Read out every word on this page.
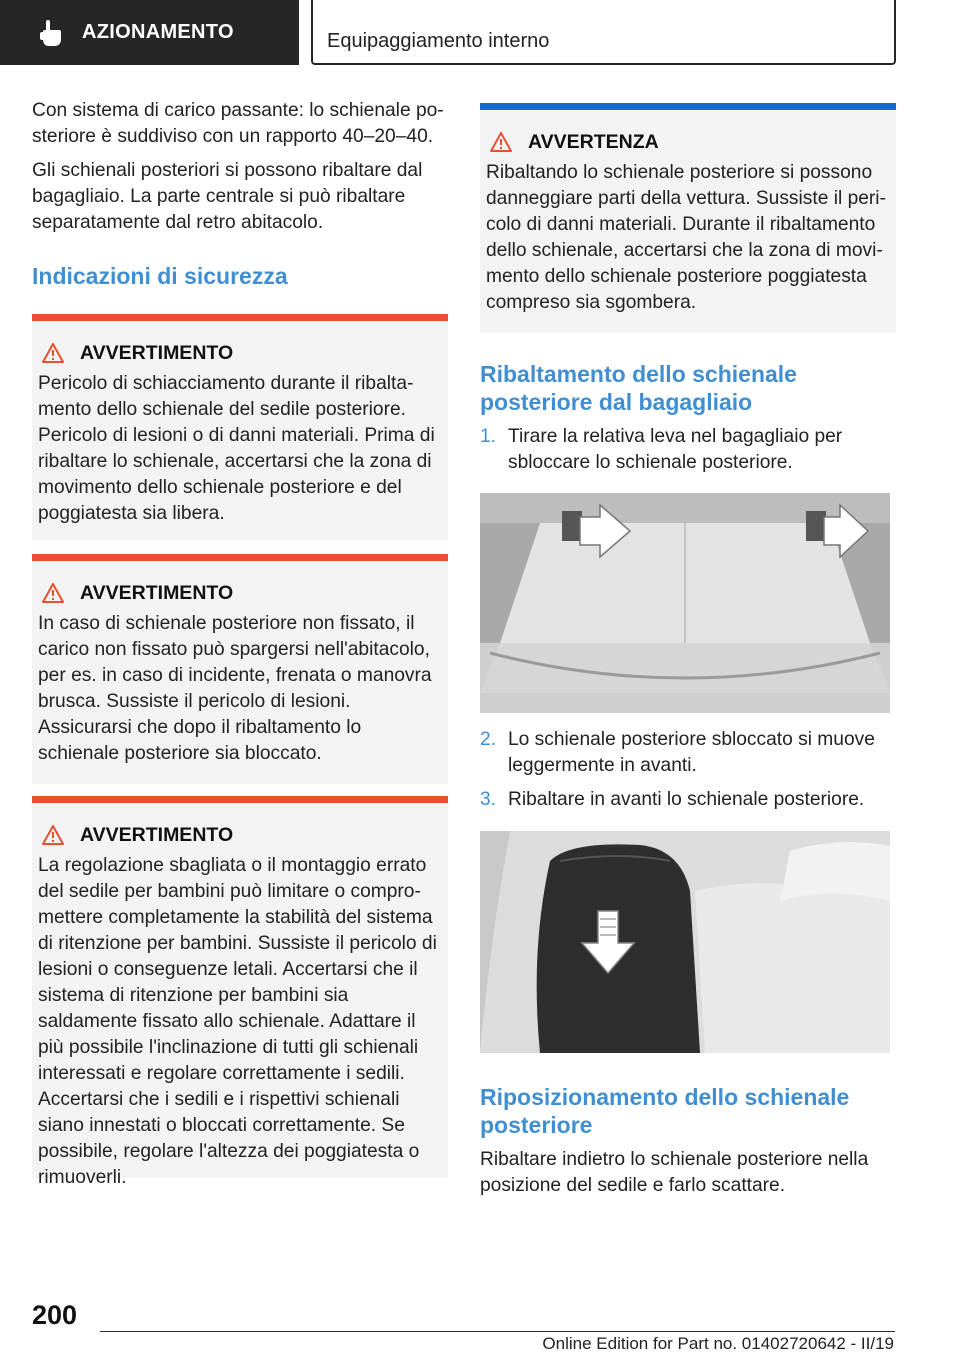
AZIONAMENTO	Equipaggiamento interno

Con sistema di carico passante: lo schienale posteriore è suddiviso con un rapporto 40–20–40.

Gli schienali posteriori si possono ribaltare dal bagagliaio. La parte centrale si può ribaltare separatamente dal retro abitacolo.

Indicazioni di sicurezza
AVVERTIMENTO

Pericolo di schiacciamento durante il ribaltamento dello schienale del sedile posteriore. Pericolo di lesioni o di danni materiali. Prima di ribaltare lo schienale, accertarsi che la zona di movimento dello schienale posteriore e del poggiatesta sia libera.

AVVERTIMENTO

In caso di schienale posteriore non fissato, il carico non fissato può spargersi nell'abitacolo, per es. in caso di incidente, frenata o manovra brusca. Sussiste il pericolo di lesioni. Assicurarsi che dopo il ribaltamento lo schienale posteriore sia bloccato.

AVVERTIMENTO

La regolazione sbagliata o il montaggio errato del sedile per bambini può limitare o compromettere completamente la stabilità del sistema di ritenzione per bambini. Sussiste il pericolo di lesioni o conseguenze letali. Accertarsi che il sistema di ritenzione per bambini sia saldamente fissato allo schienale. Adattare il più possibile l'inclinazione di tutti gli schienali interessati e regolare correttamente i sedili. Accertarsi che i sedili e i rispettivi schienali siano innestati o bloccati correttamente. Se possibile, regolare l'altezza dei poggiatesta o rimuoverli.

AVVERTENZA

Ribaltando lo schienale posteriore si possono danneggiare parti della vettura. Sussiste il pericolo di danni materiali. Durante il ribaltamento dello schienale, accertarsi che la zona di movimento dello schienale posteriore poggiatesta compreso sia sgombera.

Ribaltamento dello schienale posteriore dal bagagliaio
1. Tirare la relativa leva nel bagagliaio per sbloccare lo schienale posteriore.
2. Lo schienale posteriore sbloccato si muove leggermente in avanti.
3. Ribaltare in avanti lo schienale posteriore.
Riposizionamento dello schienale posteriore

Ribaltare indietro lo schienale posteriore nella posizione del sedile e farlo scattare.

200
Online Edition for Part no. 01402720642 - II/19
